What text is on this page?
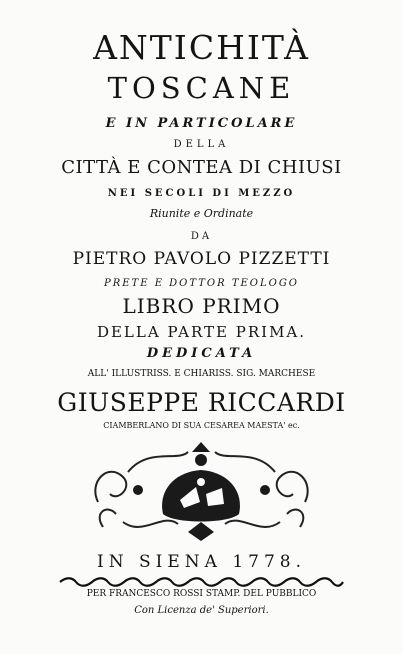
ANTICHITÀ
TOSCANE
E IN PARTICOLARE
DELLA
CITTÀ E CONTEA DI CHIUSI
NEI SECOLI DI MEZZO
Riunite e Ordinate
DA
PIETRO PAVOLO PIZZETTI
PRETE E DOTTOR TEOLOGO
LIBRO PRIMO
DELLA PARTE PRIMA.
DEDICATA
ALL' ILLUSTRISS. E CHIARISS. SIG. MARCHESE
GIUSEPPE RICCARDI
CIAMBERLANO DI SUA CESAREA MAESTA' ec.
IN SIENA 1778.
PER FRANCESCO ROSSI STAMP. DEL PUBBLICO
Con Licenza de' Superiori.
